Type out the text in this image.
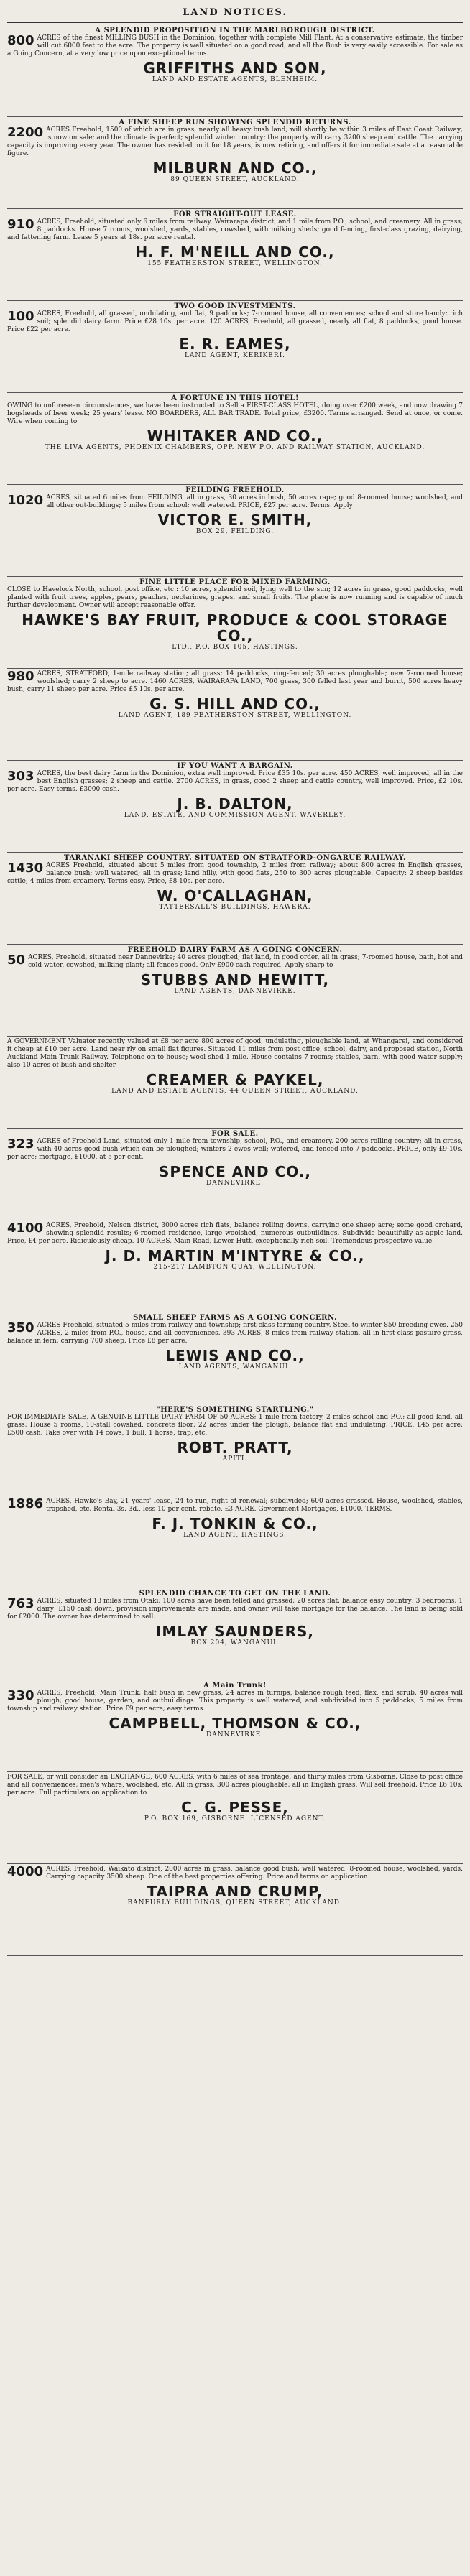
LAND NOTICES.
A SPLENDID PROPOSITION IN THE MARLBOROUGH DISTRICT.
800 ACRES of the finest MILLING BUSH in the Dominion, together with complete Mill Plant. At a conservative estimate, the timber will cut 6000 feet to the acre. The property is well situated on a good road, and all the Bush is very easily accessible. For sale as a Going Concern, at a very low price upon exceptional terms.
GRIFFITHS AND SON,
LAND AND ESTATE AGENTS, BLENHEIM.
A FINE SHEEP RUN SHOWING SPLENDID RETURNS.
2200 ACRES Freehold, 1500 of which are in grass; nearly all heavy bush land; will shortly be within 3 miles of East Coast Railway; is now on sale; and the climate is perfect; splendid winter country; the property will carry 3200 sheep and cattle. The carrying capacity is improving every year. The owner has resided on it for 18 years, is now retiring, and offers it for immediate sale at a reasonable figure.
MILBURN AND CO.,
89 QUEEN STREET, AUCKLAND.
FOR STRAIGHT-OUT LEASE.
910 ACRES, Freehold, situated only 6 miles from railway, Wairarapa district, and 1 mile from P.O., school, and creamery. All in grass; 8 paddocks. House 7 rooms, woolshed, yards, stables, cowshed, with milking sheds; good fencing, first-class grazing, dairying, and fattening farm. Lease 5 years at 18s. per acre rental.
H. F. M'NEILL AND CO.,
155 FEATHERSTON STREET, WELLINGTON.
TWO GOOD INVESTMENTS.
100 ACRES, Freehold, all grassed, undulating, and flat, 9 paddocks; 7-roomed house, all conveniences; school and store handy; rich soil; splendid dairy farm. Price £28 10s. per acre. 120 ACRES, Freehold, all grassed, nearly all flat, 8 paddocks, good house. Price £22 per acre.
E. R. EAMES,
LAND AGENT, KERIKERI.
A FORTUNE IN THIS HOTEL!
OWING to unforeseen circumstances, we have been instructed to Sell a FIRST-CLASS HOTEL, doing over £200 week, and now drawing 7 hogsheads of beer week; 25 years' lease. NO BOARDERS, ALL BAR TRADE. Total price, £3200. Terms arranged. Send at once, or come. Wire when coming to
WHITAKER AND CO.,
THE LIVA AGENTS, PHOENIX CHAMBERS, OPP. NEW P.O. AND RAILWAY STATION, AUCKLAND.
FEILDING FREEHOLD.
1020 ACRES, situated 6 miles from FEILDING, all in grass, 30 acres in bush, 50 acres rape; good 8-roomed house; woolshed, and all other out-buildings; 5 miles from school; well watered. PRICE, £27 per acre. Terms. Apply
VICTOR E. SMITH,
BOX 29, FEILDING.
FINE LITTLE PLACE FOR MIXED FARMING.
CLOSE to Havelock North, school, post office, etc.: 10 acres, splendid soil, lying well to the sun; 12 acres in grass, good paddocks, well planted with fruit trees, apples, pears, peaches, nectarines, grapes, and small fruits. The place is now running and is capable of much further development. Owner will accept reasonable offer.
HAWKE'S BAY FRUIT, PRODUCE & COOL STORAGE CO.,
LTD., P.O. BOX 105, HASTINGS.
980 ACRES, STRATFORD, 1-mile railway station; all grass; 14 paddocks, ring-fenced; 30 acres ploughable; new 7-roomed house; woolshed; carry 2 sheep to acre. 1460 ACRES, WAIRARAPA LAND, 700 grass, 300 felled last year and burnt, 500 acres heavy bush; carry 11 sheep per acre. Price £5 10s. per acre.
G. S. HILL AND CO.,
LAND AGENT, 189 FEATHERSTON STREET, WELLINGTON.
IF YOU WANT A BARGAIN.
303 ACRES, the best dairy farm in the Dominion, extra well improved. Price £35 10s. per acre. 450 ACRES, well improved, all in the best English grasses; 2 sheep and cattle. 2700 ACRES, in grass, good 2 sheep and cattle country, well improved. Price, £2 10s. per acre. Easy terms. £3000 cash.
J. B. DALTON,
LAND, ESTATE, AND COMMISSION AGENT, WAVERLEY.
TARANAKI SHEEP COUNTRY. SITUATED ON STRATFORD-ONGARUE RAILWAY.
1430 ACRES Freehold, situated about 5 miles from good township, 2 miles from railway; about 800 acres in English grasses, balance bush; well watered; all in grass; land hilly, with good flats, 250 to 300 acres ploughable. Capacity: 2 sheep besides cattle; 4 miles from creamery. Terms easy. Price, £8 10s. per acre.
W. O'CALLAGHAN,
TATTERSALL'S BUILDINGS, HAWERA.
FREEHOLD DAIRY FARM AS A GOING CONCERN.
50 ACRES, Freehold, situated near Dannevirke; 40 acres ploughed; flat land, in good order, all in grass; 7-roomed house, bath, hot and cold water, cowshed, milking plant; all fences good. Only £900 cash required. Apply sharp to
STUBBS AND HEWITT,
LAND AGENTS, DANNEVIRKE.
A GOVERNMENT Valuator recently valued at £8 per acre 800 acres of good, undulating, ploughable land, at Whangarei, and considered it cheap at £10 per acre. Land near rly on small flat figures. Situated 11 miles from post office, school, dairy, and proposed station, North Auckland Main Trunk Railway. Telephone on to house; wool shed 1 mile. House contains 7 rooms; stables, barn, with good water supply; also 10 acres of bush and shelter.
CREAMER & PAYKEL,
LAND AND ESTATE AGENTS, 44 QUEEN STREET, AUCKLAND.
FOR SALE.
323 ACRES of Freehold Land, situated only 1-mile from township, school, P.O., and creamery. 200 acres rolling country; all in grass, with 40 acres good bush which can be ploughed; winters 2 ewes well; watered, and fenced into 7 paddocks. PRICE, only £9 10s. per acre; mortgage, £1000, at 5 per cent.
SPENCE AND CO.,
DANNEVIRKE.
4100 ACRES, Freehold, Nelson district, 3000 acres rich flats, balance rolling downs, carrying one sheep acre; some good orchard, showing splendid results; 6-roomed residence, large woolshed, numerous outbuildings. Subdivide beautifully as apple land. Price, £4 per acre. Ridiculously cheap. 10 ACRES, Main Road, Lower Hutt, exceptionally rich soil. Tremendous prospective value.
J. D. MARTIN M'INTYRE & CO.,
215-217 LAMBTON QUAY, WELLINGTON.
SMALL SHEEP FARMS AS A GOING CONCERN.
350 ACRES Freehold, situated 5 miles from railway and township; first-class farming country. Steel to winter 850 breeding ewes. 250 ACRES, 2 miles from P.O., house, and all conveniences. 393 ACRES, 8 miles from railway station, all in first-class pasture grass, balance in fern; carrying 700 sheep. Price £8 per acre.
LEWIS AND CO.,
LAND AGENTS, WANGANUI.
"HERE'S SOMETHING STARTLING."
FOR IMMEDIATE SALE, A GENUINE LITTLE DAIRY FARM OF 50 ACRES; 1 mile from factory, 2 miles school and P.O.; all good land, all grass; House 5 rooms, 10-stall cowshed, concrete floor; 22 acres under the plough, balance flat and undulating. PRICE, £45 per acre; £500 cash. Take over with 14 cows, 1 bull, 1 horse, trap, etc.
ROBT. PRATT,
APITI.
1886 ACRES, Hawke's Bay, 21 years' lease, 24 to run, right of renewal; subdivided; 600 acres grassed. House, woolshed, stables, trapshed, etc. Rental 3s. 3d., less 10 per cent. rebate. £3 ACRE. Government Mortgages, £1000. TERMS.
F. J. TONKIN & CO.,
LAND AGENT, HASTINGS.
SPLENDID CHANCE TO GET ON THE LAND.
763 ACRES, situated 13 miles from Otaki; 100 acres have been felled and grassed; 20 acres flat; balance easy country; 3 bedrooms; 1 dairy; £150 cash down, provision improvements are made, and owner will take mortgage for the balance. The land is being sold for £2000. The owner has determined to sell.
IMLAY SAUNDERS,
BOX 204, WANGANUI.
A Main Trunk!
330 ACRES, Freehold, Main Trunk; half bush in new grass, 24 acres in turnips, balance rough feed, flax, and scrub. 40 acres will plough; good house, garden, and outbuildings. This property is well watered, and subdivided into 5 paddocks; 5 miles from township and railway station. Price £9 per acre; easy terms.
CAMPBELL, THOMSON & CO.,
DANNEVIRKE.
FOR SALE, or will consider an EXCHANGE, 600 ACRES, with 6 miles of sea frontage, and thirty miles from Gisborne. Close to post office and all conveniences; men's whare, woolshed, etc. All in grass, 300 acres ploughable; all in English grass. Will sell freehold. Price £6 10s. per acre. Full particulars on application to
C. G. PESSE,
P.O. BOX 169, GISBORNE. LICENSED AGENT.
4000 ACRES, Freehold, Waikato district, 2000 acres in grass, balance good bush; well watered; 8-roomed house, woolshed, yards. Carrying capacity 3500 sheep. One of the best properties offering. Price and terms on application.
TAIPRA AND CRUMP,
BANFURLY BUILDINGS, QUEEN STREET, AUCKLAND.
